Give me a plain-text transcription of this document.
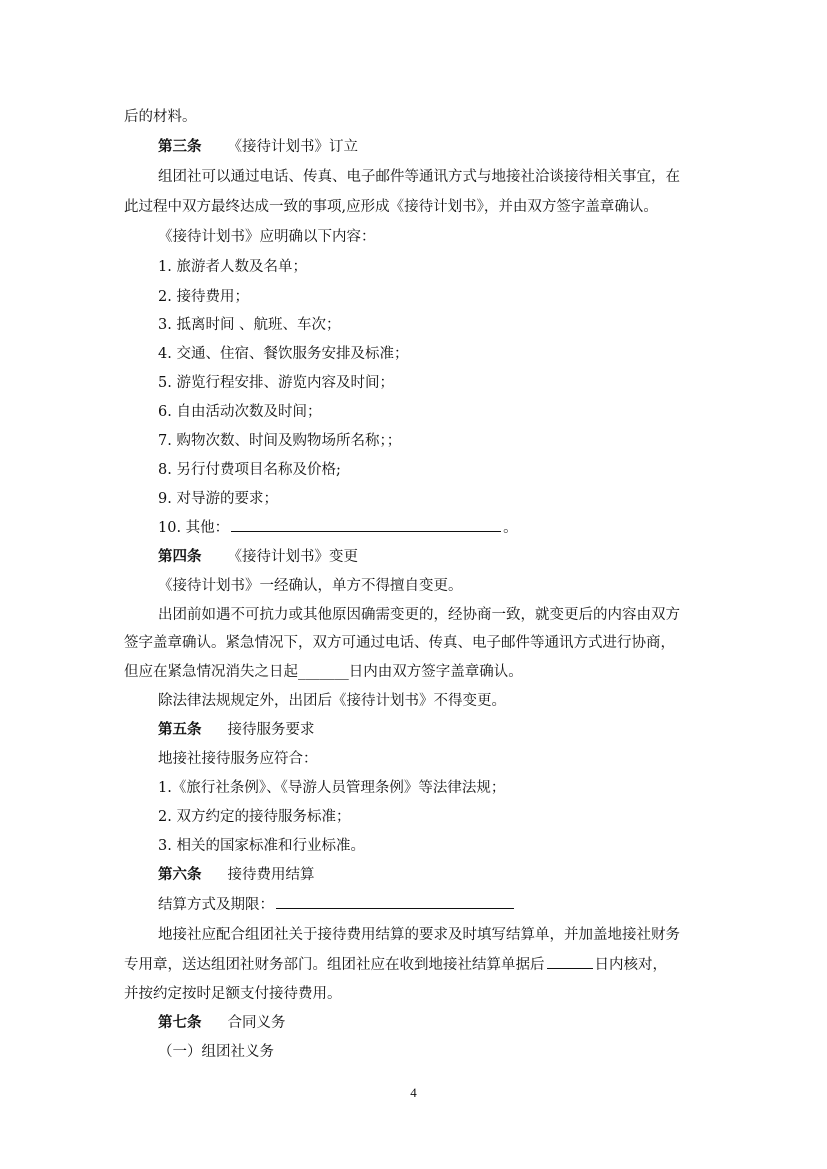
后的材料。
第三条 《接待计划书》订立
组团社可以通过电话、传真、电子邮件等通讯方式与地接社洽谈接待相关事宜，在
此过程中双方最终达成一致的事项,应形成《接待计划书》，并由双方签字盖章确认。
《接待计划书》应明确以下内容：
1. 旅游者人数及名单；
2. 接待费用；
3. 抵离时间 、航班、车次；
4. 交通、住宿、餐饮服务安排及标准；
5. 游览行程安排、游览内容及时间；
6. 自由活动次数及时间；
7. 购物次数、时间及购物场所名称；；
8. 另行付费项目名称及价格;
9. 对导游的要求；
10. 其他：	。
第四条 《接待计划书》变更
《接待计划书》一经确认，单方不得擅自变更。
出团前如遇不可抗力或其他原因确需变更的，经协商一致，就变更后的内容由双方
签字盖章确认。紧急情况下，双方可通过电话、传真、电子邮件等通讯方式进行协商，
但应在紧急情况消失之日起_______日内由双方签字盖章确认。
除法律法规规定外，出团后《接待计划书》不得变更。
第五条 接待服务要求
地接社接待服务应符合：
1.《旅行社条例》、《导游人员管理条例》等法律法规；
2. 双方约定的接待服务标准；
3. 相关的国家标准和行业标准。
第六条 接待费用结算
结算方式及期限：
地接社应配合组团社关于接待费用结算的要求及时填写结算单，并加盖地接社财务
专用章，送达组团社财务部门。组团社应在收到地接社结算单据后	日内核对，
并按约定按时足额支付接待费用。
第七条 合同义务
（一）组团社义务
4
